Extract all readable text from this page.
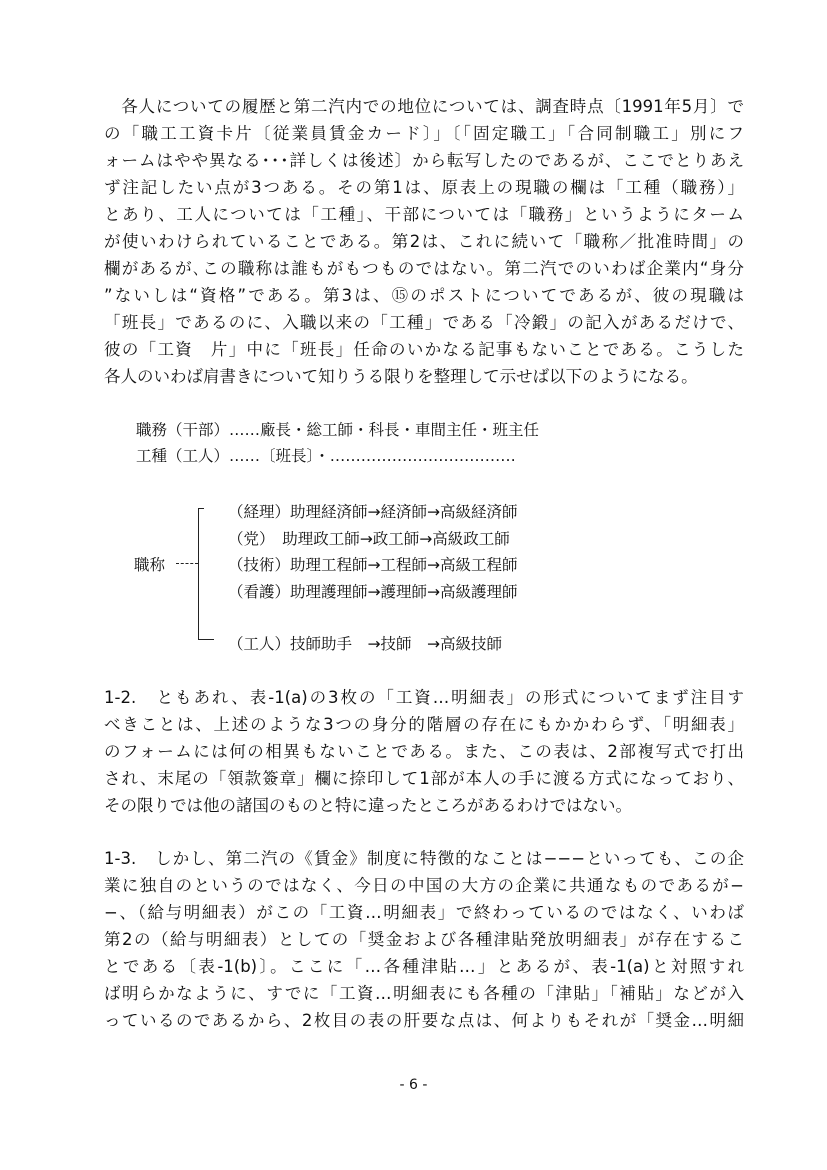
　各人についての履歴と第二汽内での地位については、調査時点〔1991年5月〕で
の「職工工資卡片〔従業員賃金カード〕」〔「固定職工」「合同制職工」別にフ
ォームはやや異なる･･･詳しくは後述〕から転写したのであるが、ここでとりあえ
ず注記したい点が3つある。その第1は、原表上の現職の欄は「工種（職務）」
とあり、工人については「工種」、干部については「職務」というようにターム
が使いわけられていることである。第2は、これに続いて「職称／批准時間」の
欄があるが､この職称は誰もがもつものではない。第二汽でのいわば企業内“身分
”ないしは“資格”である。第3は、⑮のポストについてであるが、彼の現職は
「班長」であるのに、入職以来の「工種」である「冷鍛」の記入があるだけで、
彼の「工資　片」中に「班長」任命のいかなる記事もないことである。こうした
各人のいわば肩書きについて知りうる限りを整理して示せば以下のようになる。
職務（干部）……廠長・総工師・科長・車間主任・班主任
工種（工人）……〔班長〕・………………………………
職称
（経理）助理経済師→経済師→高級経済師
（党）　助理政工師→政工師→高級政工師
（技術）助理工程師→工程師→高級工程師
（看護）助理護理師→護理師→高級護理師
（工人）技師助手　→技師　→高級技師
1-2.　ともあれ、表-1(a)の3枚の「工資…明細表」の形式についてまず注目す
べきことは、上述のような3つの身分的階層の存在にもかかわらず、「明細表」
のフォームには何の相異もないことである。また、この表は、2部複写式で打出
され、末尾の「領款簽章」欄に捺印して1部が本人の手に渡る方式になっており、
その限りでは他の諸国のものと特に違ったところがあるわけではない。
1-3.　しかし、第二汽の《賃金》制度に特徴的なことは−−−といっても、この企
業に独自のというのではなく、今日の中国の大方の企業に共通なものであるが−
−、（給与明細表）がこの「工資…明細表」で終わっているのではなく、いわば
第2の（給与明細表）としての「奨金および各種津貼発放明細表」が存在するこ
とである〔表-1(b)〕。ここに「…各種津貼…」とあるが、表-1(a)と対照すれ
ば明らかなように、すでに「工資…明細表にも各種の「津貼」「補貼」などが入
っているのであるから、2枚目の表の肝要な点は、何よりもそれが「奨金…明細
- 6 -
